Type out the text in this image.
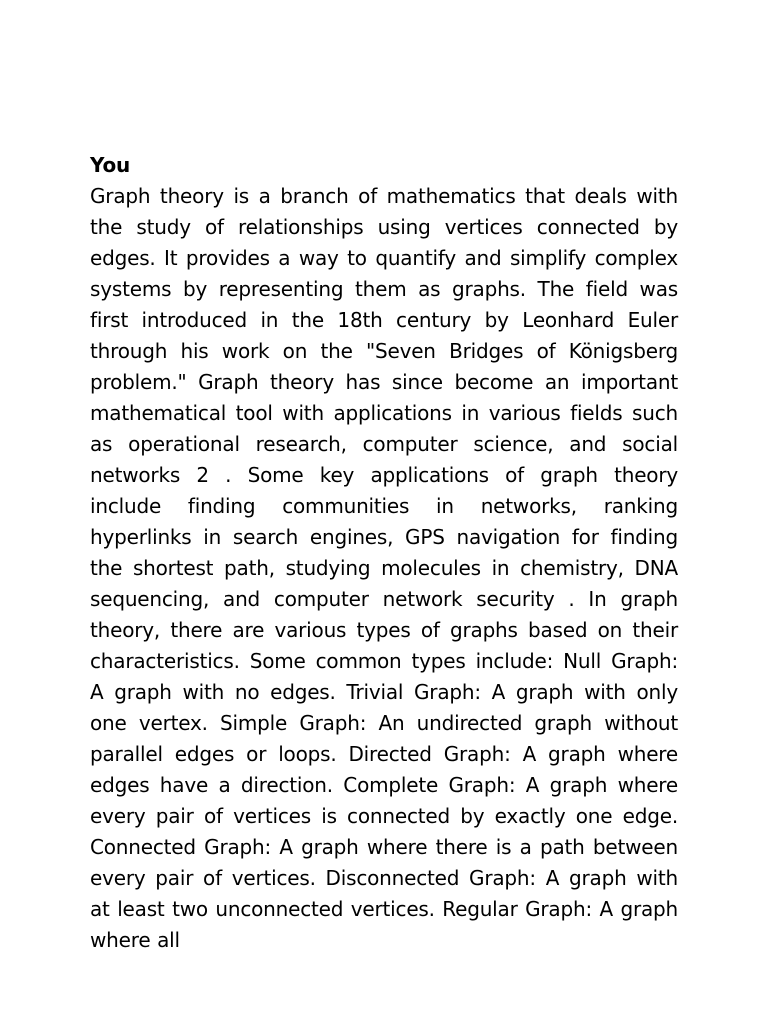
You

Graph theory is a branch of mathematics that deals with the study of relationships using vertices connected by edges. It provides a way to quantify and simplify complex systems by representing them as graphs. The field was first introduced in the 18th century by Leonhard Euler through his work on the "Seven Bridges of Königsberg problem." Graph theory has since become an important mathematical tool with applications in various fields such as operational research, computer science, and social networks 2 . Some key applications of graph theory include finding communities in networks, ranking hyperlinks in search engines, GPS navigation for finding the shortest path, studying molecules in chemistry, DNA sequencing, and computer network security . In graph theory, there are various types of graphs based on their characteristics. Some common types include: Null Graph: A graph with no edges. Trivial Graph: A graph with only one vertex. Simple Graph: An undirected graph without parallel edges or loops. Directed Graph: A graph where edges have a direction. Complete Graph: A graph where every pair of vertices is connected by exactly one edge. Connected Graph: A graph where there is a path between every pair of vertices. Disconnected Graph: A graph with at least two unconnected vertices. Regular Graph: A graph where all
